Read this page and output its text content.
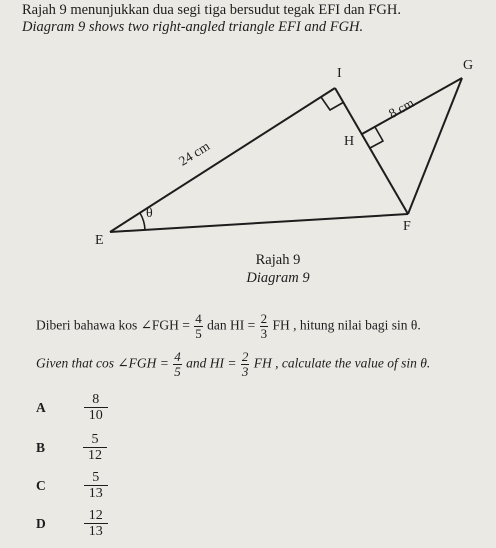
Rajah 9 menunjukkan dua segi tiga bersudut tegak EFI dan FGH.
Diagram 9 shows two right-angled triangle EFI and FGH.
I
G
H
E
F
θ
24 cm
8 cm
Rajah 9
Diagram 9
Diberi bahawa kos ∠FGH = $\frac{4}{5}$ dan HI = $\frac{2}{3}$ FH , hitung nilai bagi sin θ.
Given that cos ∠FGH = $\frac{4}{5}$ and HI = $\frac{2}{3}$ FH , calculate the value of sin θ.
A	$\frac{8}{10}$
B	$\frac{5}{12}$
C	$\frac{5}{13}$
D	$\frac{12}{13}$
